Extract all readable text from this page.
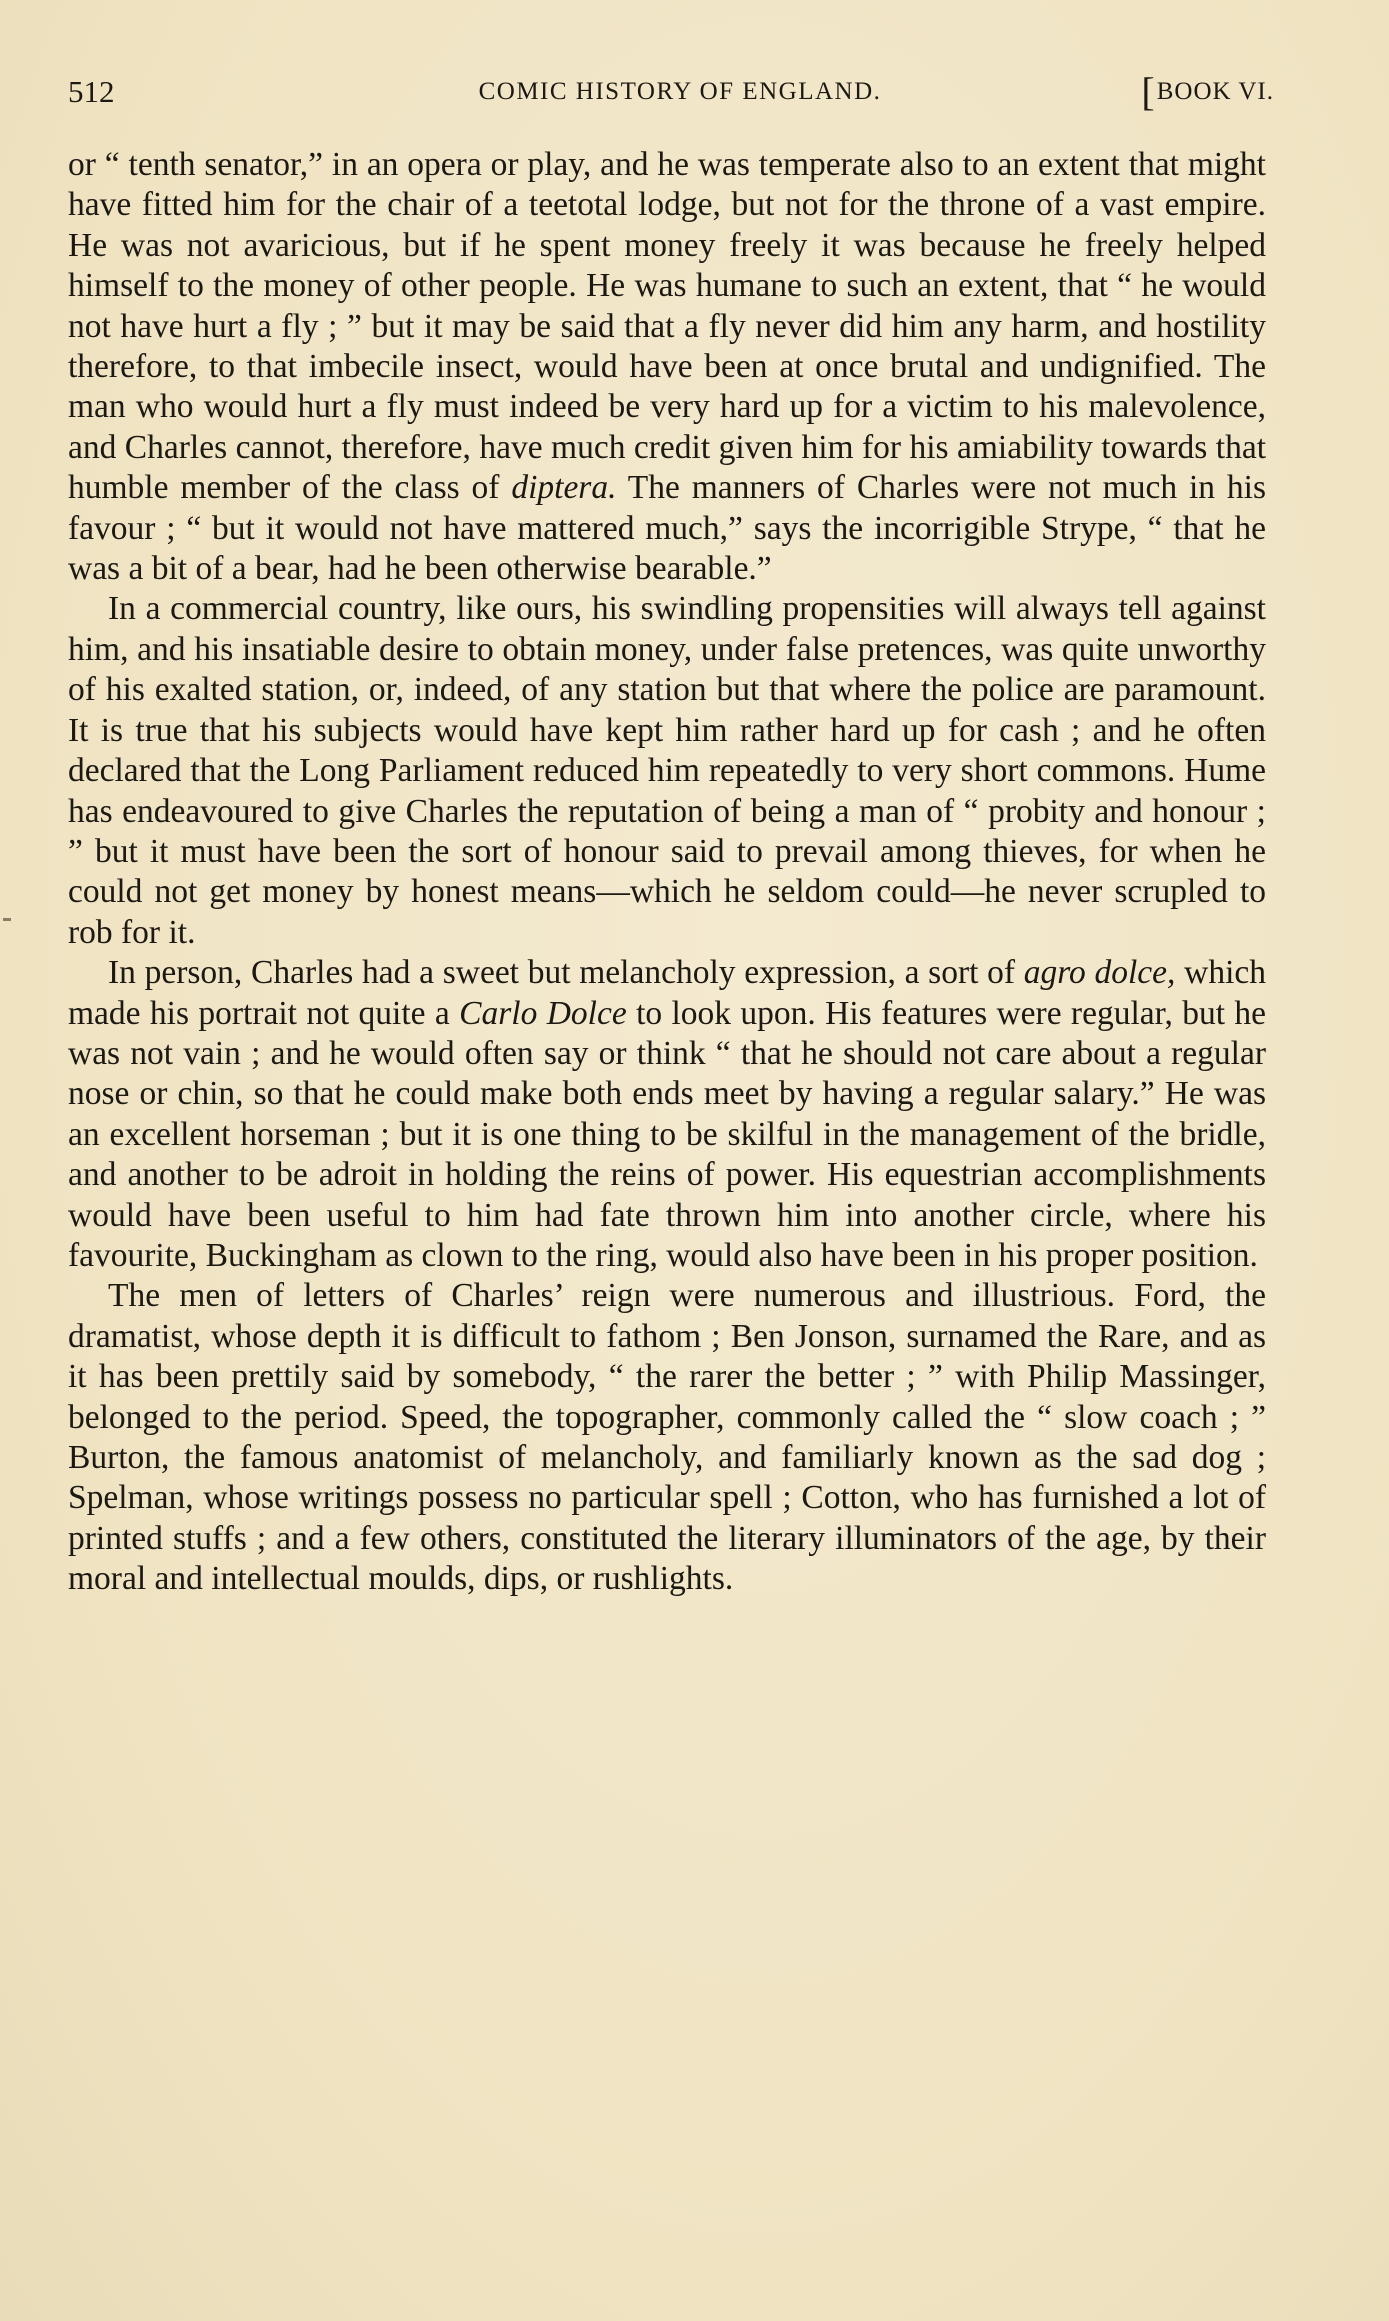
512	COMIC HISTORY OF ENGLAND.	[BOOK VI.

or “ tenth senator,” in an opera or play, and he was temperate also to an extent that might have fitted him for the chair of a teetotal lodge, but not for the throne of a vast empire. He was not avaricious, but if he spent money freely it was because he freely helped himself to the money of other people. He was humane to such an extent, that “ he would not have hurt a fly ; ” but it may be said that a fly never did him any harm, and hostility therefore, to that imbecile insect, would have been at once brutal and undignified. The man who would hurt a fly must indeed be very hard up for a victim to his malevolence, and Charles cannot, therefore, have much credit given him for his amiability towards that humble member of the class of diptera. The manners of Charles were not much in his favour ; “ but it would not have mattered much,” says the incorrigible Strype, “ that he was a bit of a bear, had he been otherwise bearable.”

In a commercial country, like ours, his swindling propensities will always tell against him, and his insatiable desire to obtain money, under false pretences, was quite unworthy of his exalted station, or, indeed, of any station but that where the police are paramount. It is true that his subjects would have kept him rather hard up for cash ; and he often declared that the Long Parliament reduced him repeatedly to very short commons. Hume has endeavoured to give Charles the reputation of being a man of “ probity and honour ; ” but it must have been the sort of honour said to prevail among thieves, for when he could not get money by honest means—which he seldom could—he never scrupled to rob for it.

In person, Charles had a sweet but melancholy expression, a sort of agro dolce, which made his portrait not quite a Carlo Dolce to look upon. His features were regular, but he was not vain ; and he would often say or think “ that he should not care about a regular nose or chin, so that he could make both ends meet by having a regular salary.” He was an excellent horseman ; but it is one thing to be skilful in the management of the bridle, and another to be adroit in holding the reins of power. His equestrian accomplishments would have been useful to him had fate thrown him into another circle, where his favourite, Buckingham as clown to the ring, would also have been in his proper position.

The men of letters of Charles’ reign were numerous and illustrious. Ford, the dramatist, whose depth it is difficult to fathom ; Ben Jonson, surnamed the Rare, and as it has been prettily said by somebody, “ the rarer the better ; ” with Philip Massinger, belonged to the period. Speed, the topographer, commonly called the “ slow coach ; ” Burton, the famous anatomist of melancholy, and familiarly known as the sad dog ; Spelman, whose writings possess no particular spell ; Cotton, who has furnished a lot of printed stuffs ; and a few others, constituted the literary illuminators of the age, by their moral and intellectual moulds, dips, or rushlights.
